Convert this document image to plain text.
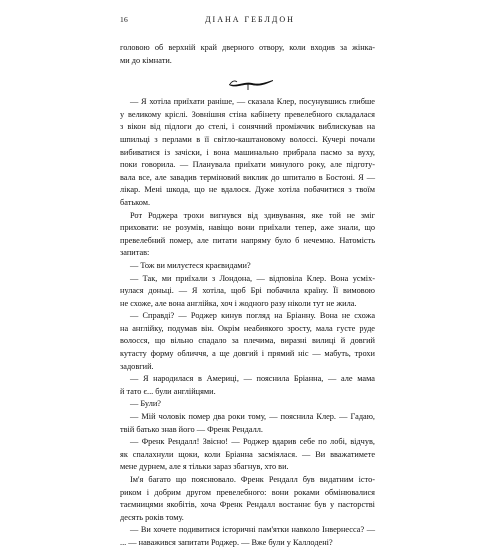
16	ДІАНА ГЕБЛДОН
головою об верхній край дверного отвору, коли входив за жінка-
ми до кімнати.
— Я хотіла приїхати раніше, — сказала Клер, посунувшись глибше
у великому кріслі. Зовнішня стіна кабінету превелебного складалася
з вікон від підлоги до стелі, і сонячний проміжчик виблискував на
шпильці з перлами в її світло-каштановому волоссі. Кучері почали
вибиватися із зачіски, і вона машинально прибрала пасмо за вуху,
поки говорила. — Планувала приїхати минулого року, але підготу-
вала все, але завадив терміновий виклик до шпиталю в Бостоні. Я —
лікар. Мені шкода, що не вдалося. Дуже хотіла побачитися з твоїм
батьком.
Рот Роджера трохи вигнувся від здивування, яке той не зміг
приховати: не розумів, навіщо вони приїхали тепер, аже знали, що
превелебний помер, але питати напряму було б нечемно. Натомість
запитав:
— Тож ви милуєтеся краєвидами?
— Так, ми приїхали з Лондона, — відповіла Клер. Вона усміх-
нулася доньці. — Я хотіла, щоб Брі побачила країну. Її вимовою
не схоже, але вона англійка, хоч і жодного разу ніколи тут не жила.
— Справді? — Роджер кинув погляд на Бріанну. Вона не схожа
на англійку, подумав він. Окрім неабиякого зросту, мала густе руде
волосся, що вільно спадало за плечима, виразні вилиці й довгий
кутасту форму обличчя, а ще довгий і прямий ніс — мабуть, трохи
задовгий.
— Я народилася в Америці, — пояснила Бріанна, — але мама
й тато є... були англійцями.
— Були?
— Мій чоловік помер два роки тому, — пояснила Клер. — Гадаю,
твій батько знав його — Френк Рендалл.
— Френк Рендалл! Звісно! — Роджер вдарив себе по лобі, відчув,
як спалахнули щоки, коли Бріанна засміялася. — Ви вважатимете
мене дурнем, але я тільки зараз збагнув, хто ви.
Ім'я багато що пояснювало. Френк Рендалл був видатним істо-
риком і добрим другом превелебного: вони роками обмінювалися
таємницями якобітів, хоча Френк Рендалл востаннє був у пасторстві
десять років тому.
— Ви хочете подивитися історичні пам'ятки навколо Інвернесса? —
... — наважився запитати Роджер. — Вже були у Каллодені?
